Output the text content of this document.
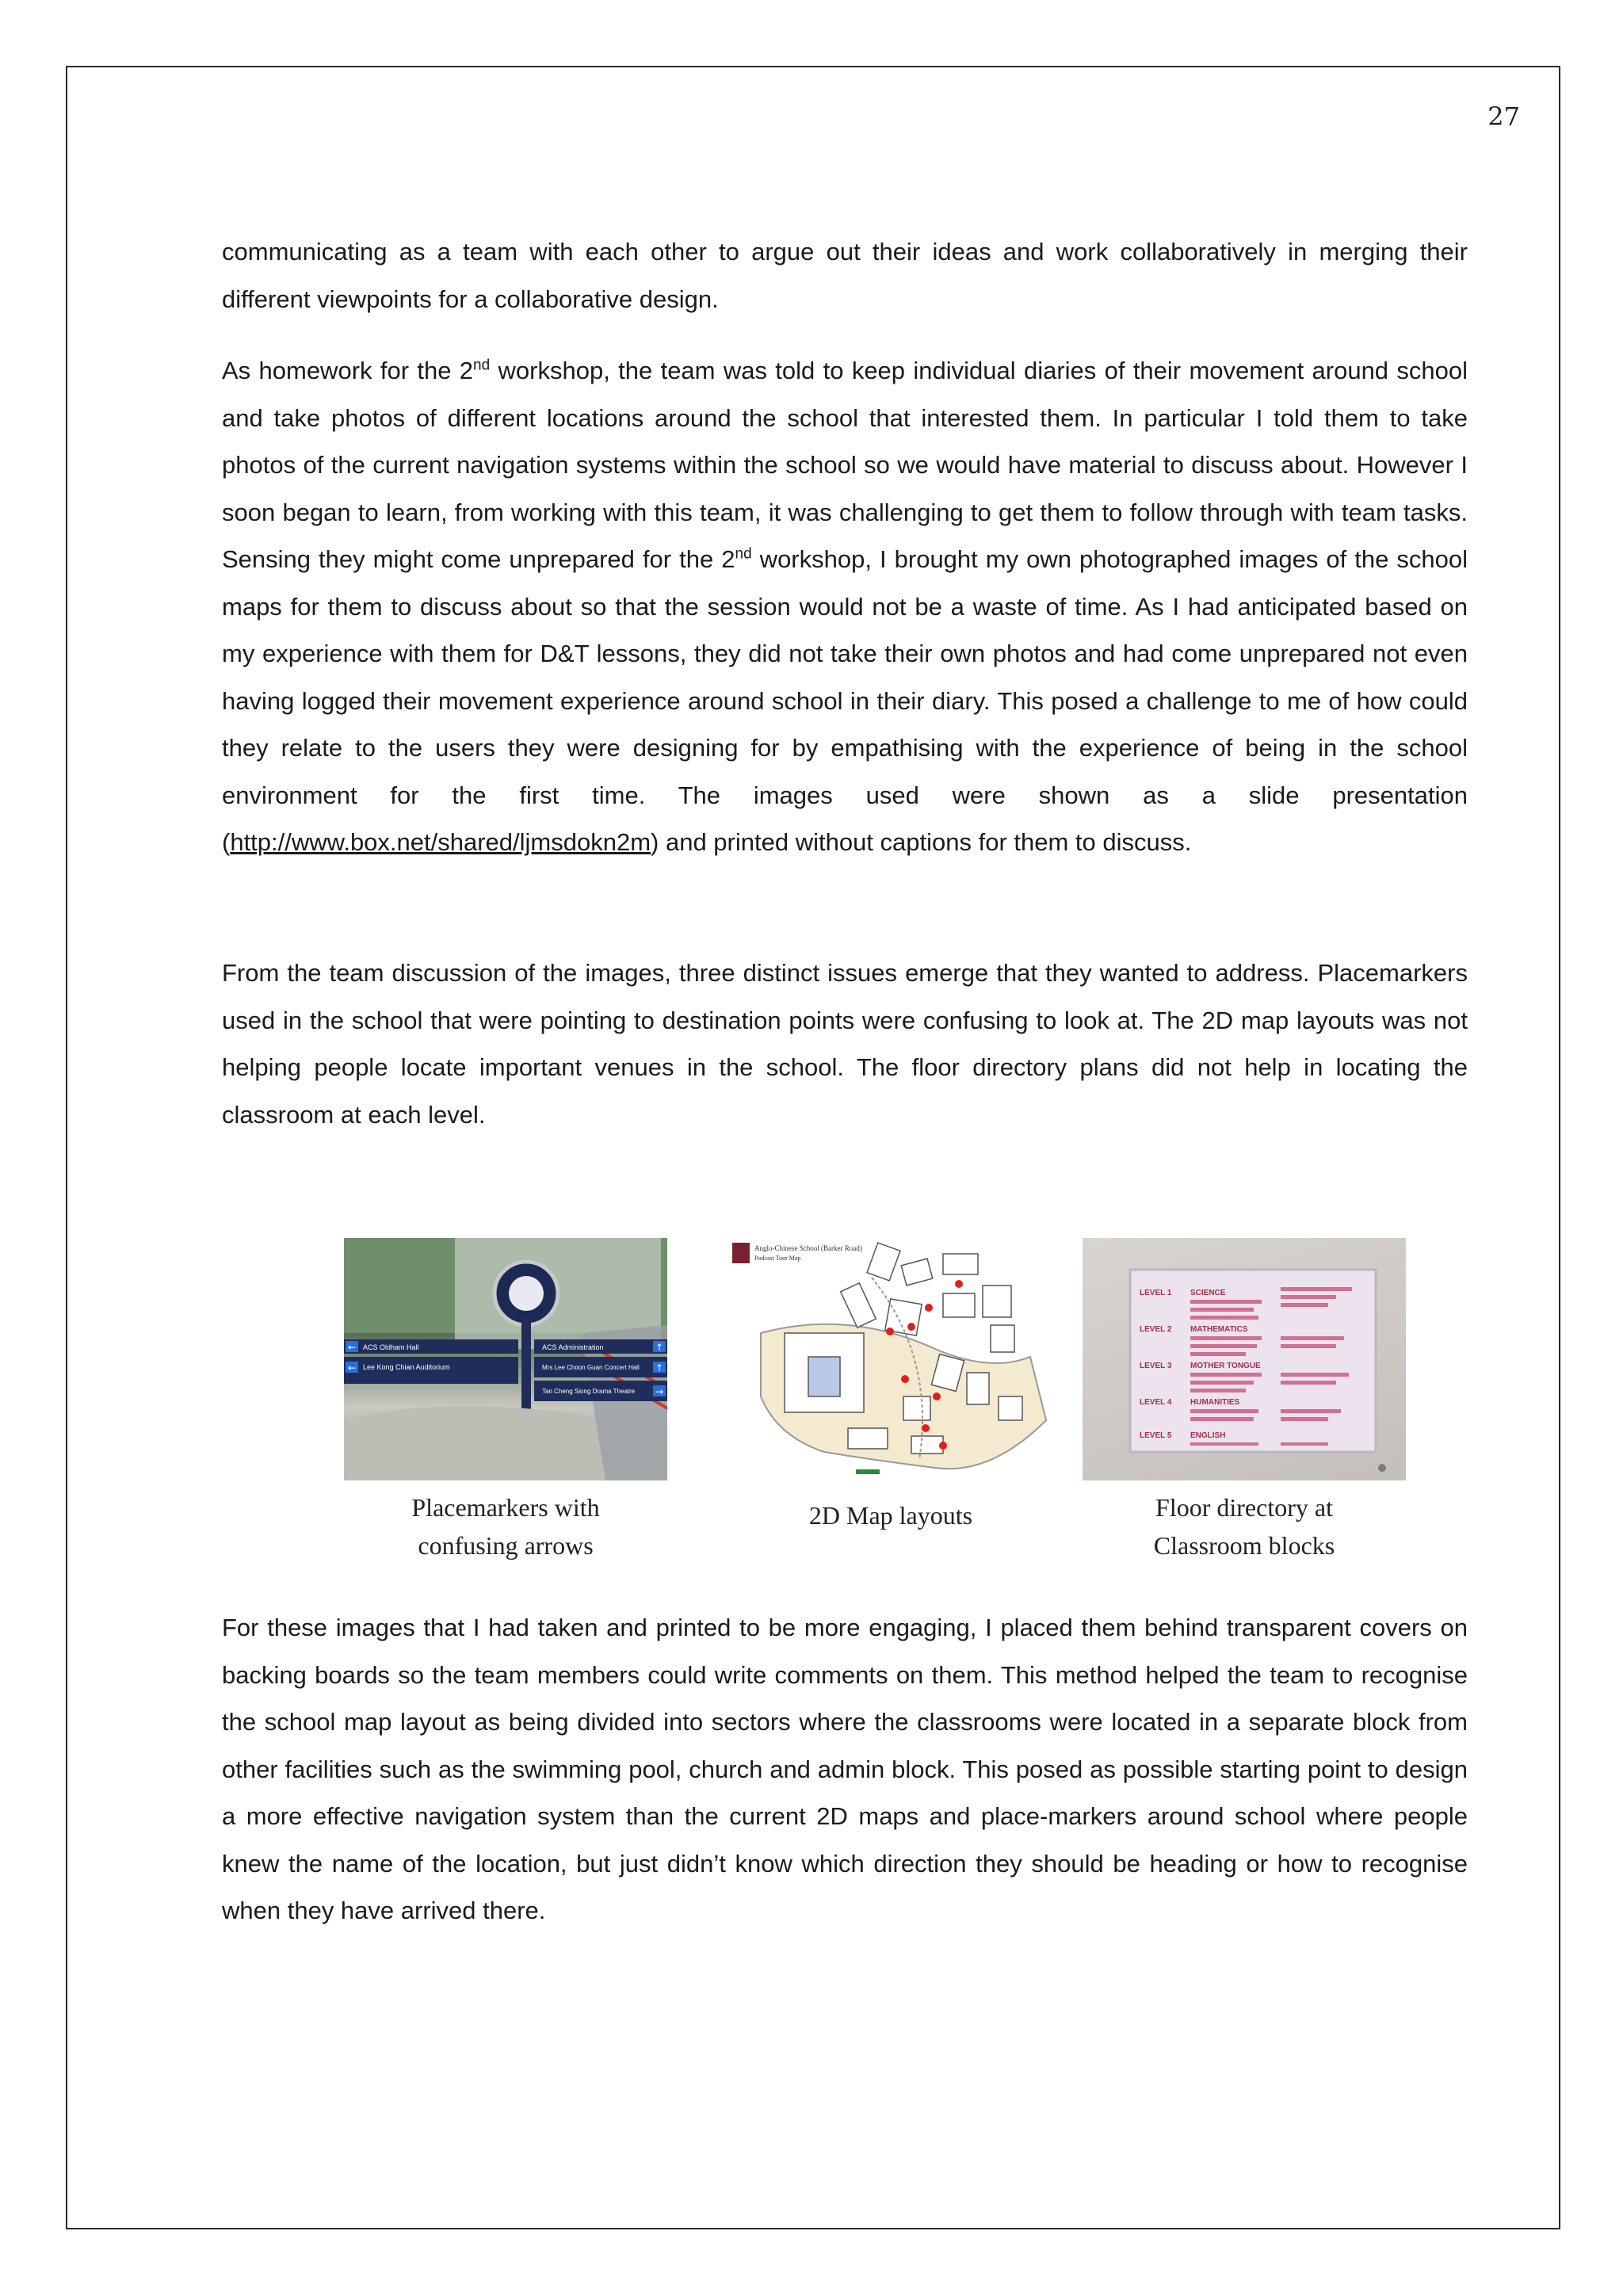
27

communicating as a team with each other to argue out their ideas and work collaboratively in merging their different viewpoints for a collaborative design.

As homework for the 2nd workshop, the team was told to keep individual diaries of their movement around school and take photos of different locations around the school that interested them. In particular I told them to take photos of the current navigation systems within the school so we would have material to discuss about. However I soon began to learn, from working with this team, it was challenging to get them to follow through with team tasks. Sensing they might come unprepared for the 2nd workshop, I brought my own photographed images of the school maps for them to discuss about so that the session would not be a waste of time. As I had anticipated based on my experience with them for D&T lessons, they did not take their own photos and had come unprepared not even having logged their movement experience around school in their diary. This posed a challenge to me of how could they relate to the users they were designing for by empathising with the experience of being in the school environment for the first time. The images used were shown as a slide presentation (http://www.box.net/shared/ljmsdokn2m) and printed without captions for them to discuss.

From the team discussion of the images, three distinct issues emerge that they wanted to address. Placemarkers used in the school that were pointing to destination points were confusing to look at. The 2D map layouts was not helping people locate important venues in the school. The floor directory plans did not help in locating the classroom at each level.

←
←
↑
↑
→
ACS Oldham Hall
Lee Kong Chian Auditorium
ACS Administration
Mrs Lee Choon Guan Concert Hall
Tan Cheng Siong Drama Theatre
Placemarkers with
confusing arrows
Anglo-Chinese School (Barker Road)
Podcast Tour Map
2D Map layouts
LEVEL 1
LEVEL 2
LEVEL 3
LEVEL 4
LEVEL 5
SCIENCE
MATHEMATICS
MOTHER TONGUE
HUMANITIES
ENGLISH
Floor directory at
Classroom blocks

For these images that I had taken and printed to be more engaging, I placed them behind transparent covers on backing boards so the team members could write comments on them. This method helped the team to recognise the school map layout as being divided into sectors where the classrooms were located in a separate block from other facilities such as the swimming pool, church and admin block. This posed as possible starting point to design a more effective navigation system than the current 2D maps and place-markers around school where people knew the name of the location, but just didn’t know which direction they should be heading or how to recognise when they have arrived there.
